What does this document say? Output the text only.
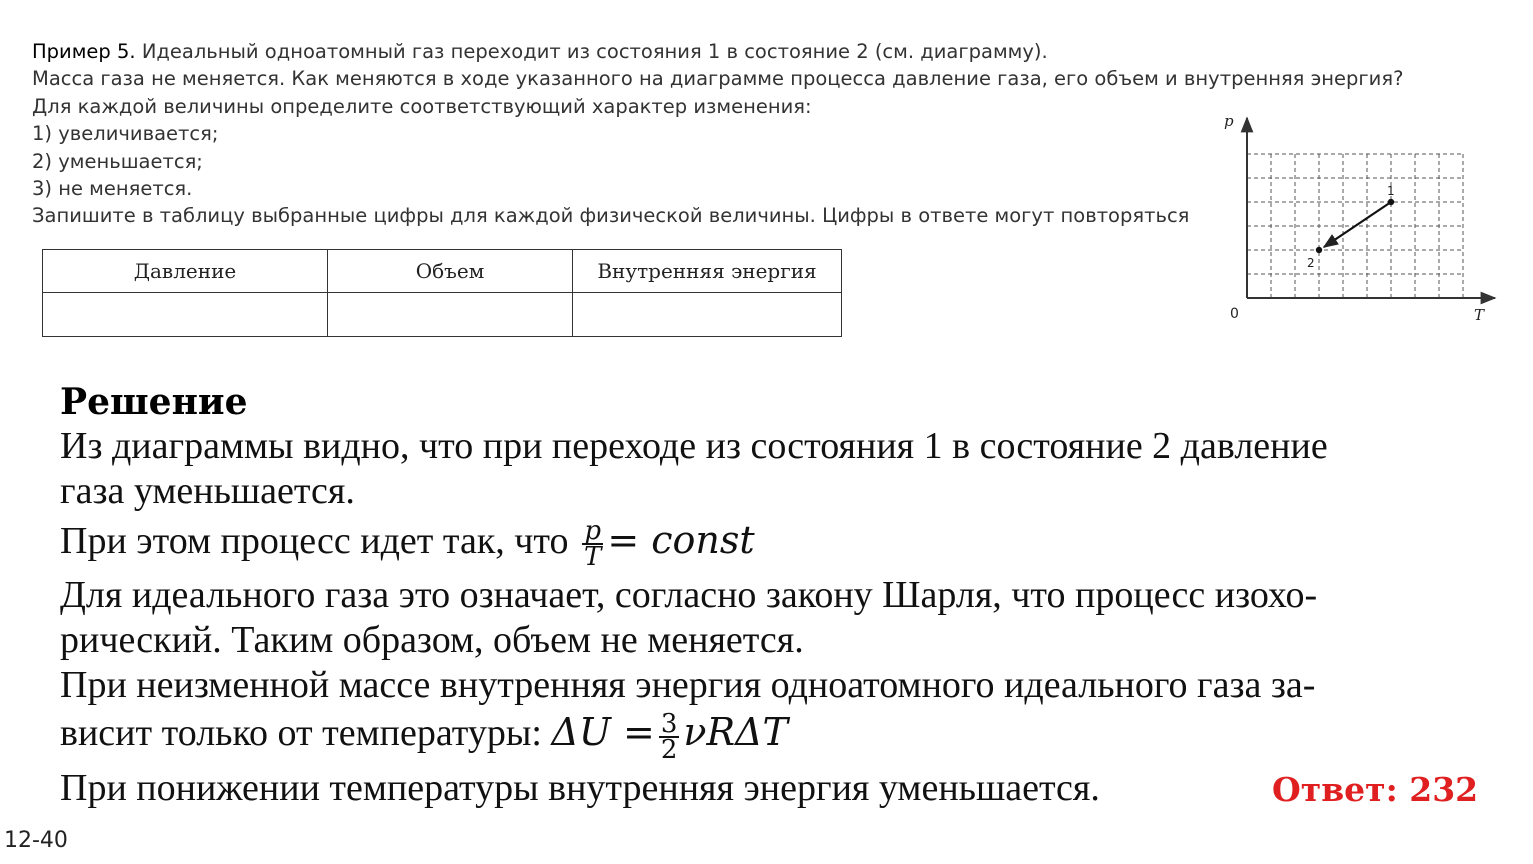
Пример 5. Идеальный одноатомный газ переходит из состояния 1 в состояние 2 (см. диаграмму).
Масса газа не меняется. Как меняются в ходе указанного на диаграмме процесса давление газа, его объем и внутренняя энергия?
Для каждой величины определите соответствующий характер изменения:
1) увеличивается;
2) уменьшается;
3) не меняется.
Запишите в таблицу выбранные цифры для каждой физической величины. Цифры в ответе могут повторяться
Давление	Объем	Внутренняя энергия

p
T
0
1
2
Решение
Из диаграммы видно, что при переходе из состояния 1 в состояние 2 давление
газа уменьшается.
При этом процесс идет так, что $\frac{p}{T}$ = const
Для идеального газа это означает, согласно закону Шарля, что процесс изохо-
рический. Таким образом, объем не меняется.
При неизменной массе внутренняя энергия одноатомного идеального газа за-
висит только от температуры: $\Delta U = \frac{3}{2}$ νRΔT
При понижении температуры внутренняя энергия уменьшается.	Ответ: 232
12-40
